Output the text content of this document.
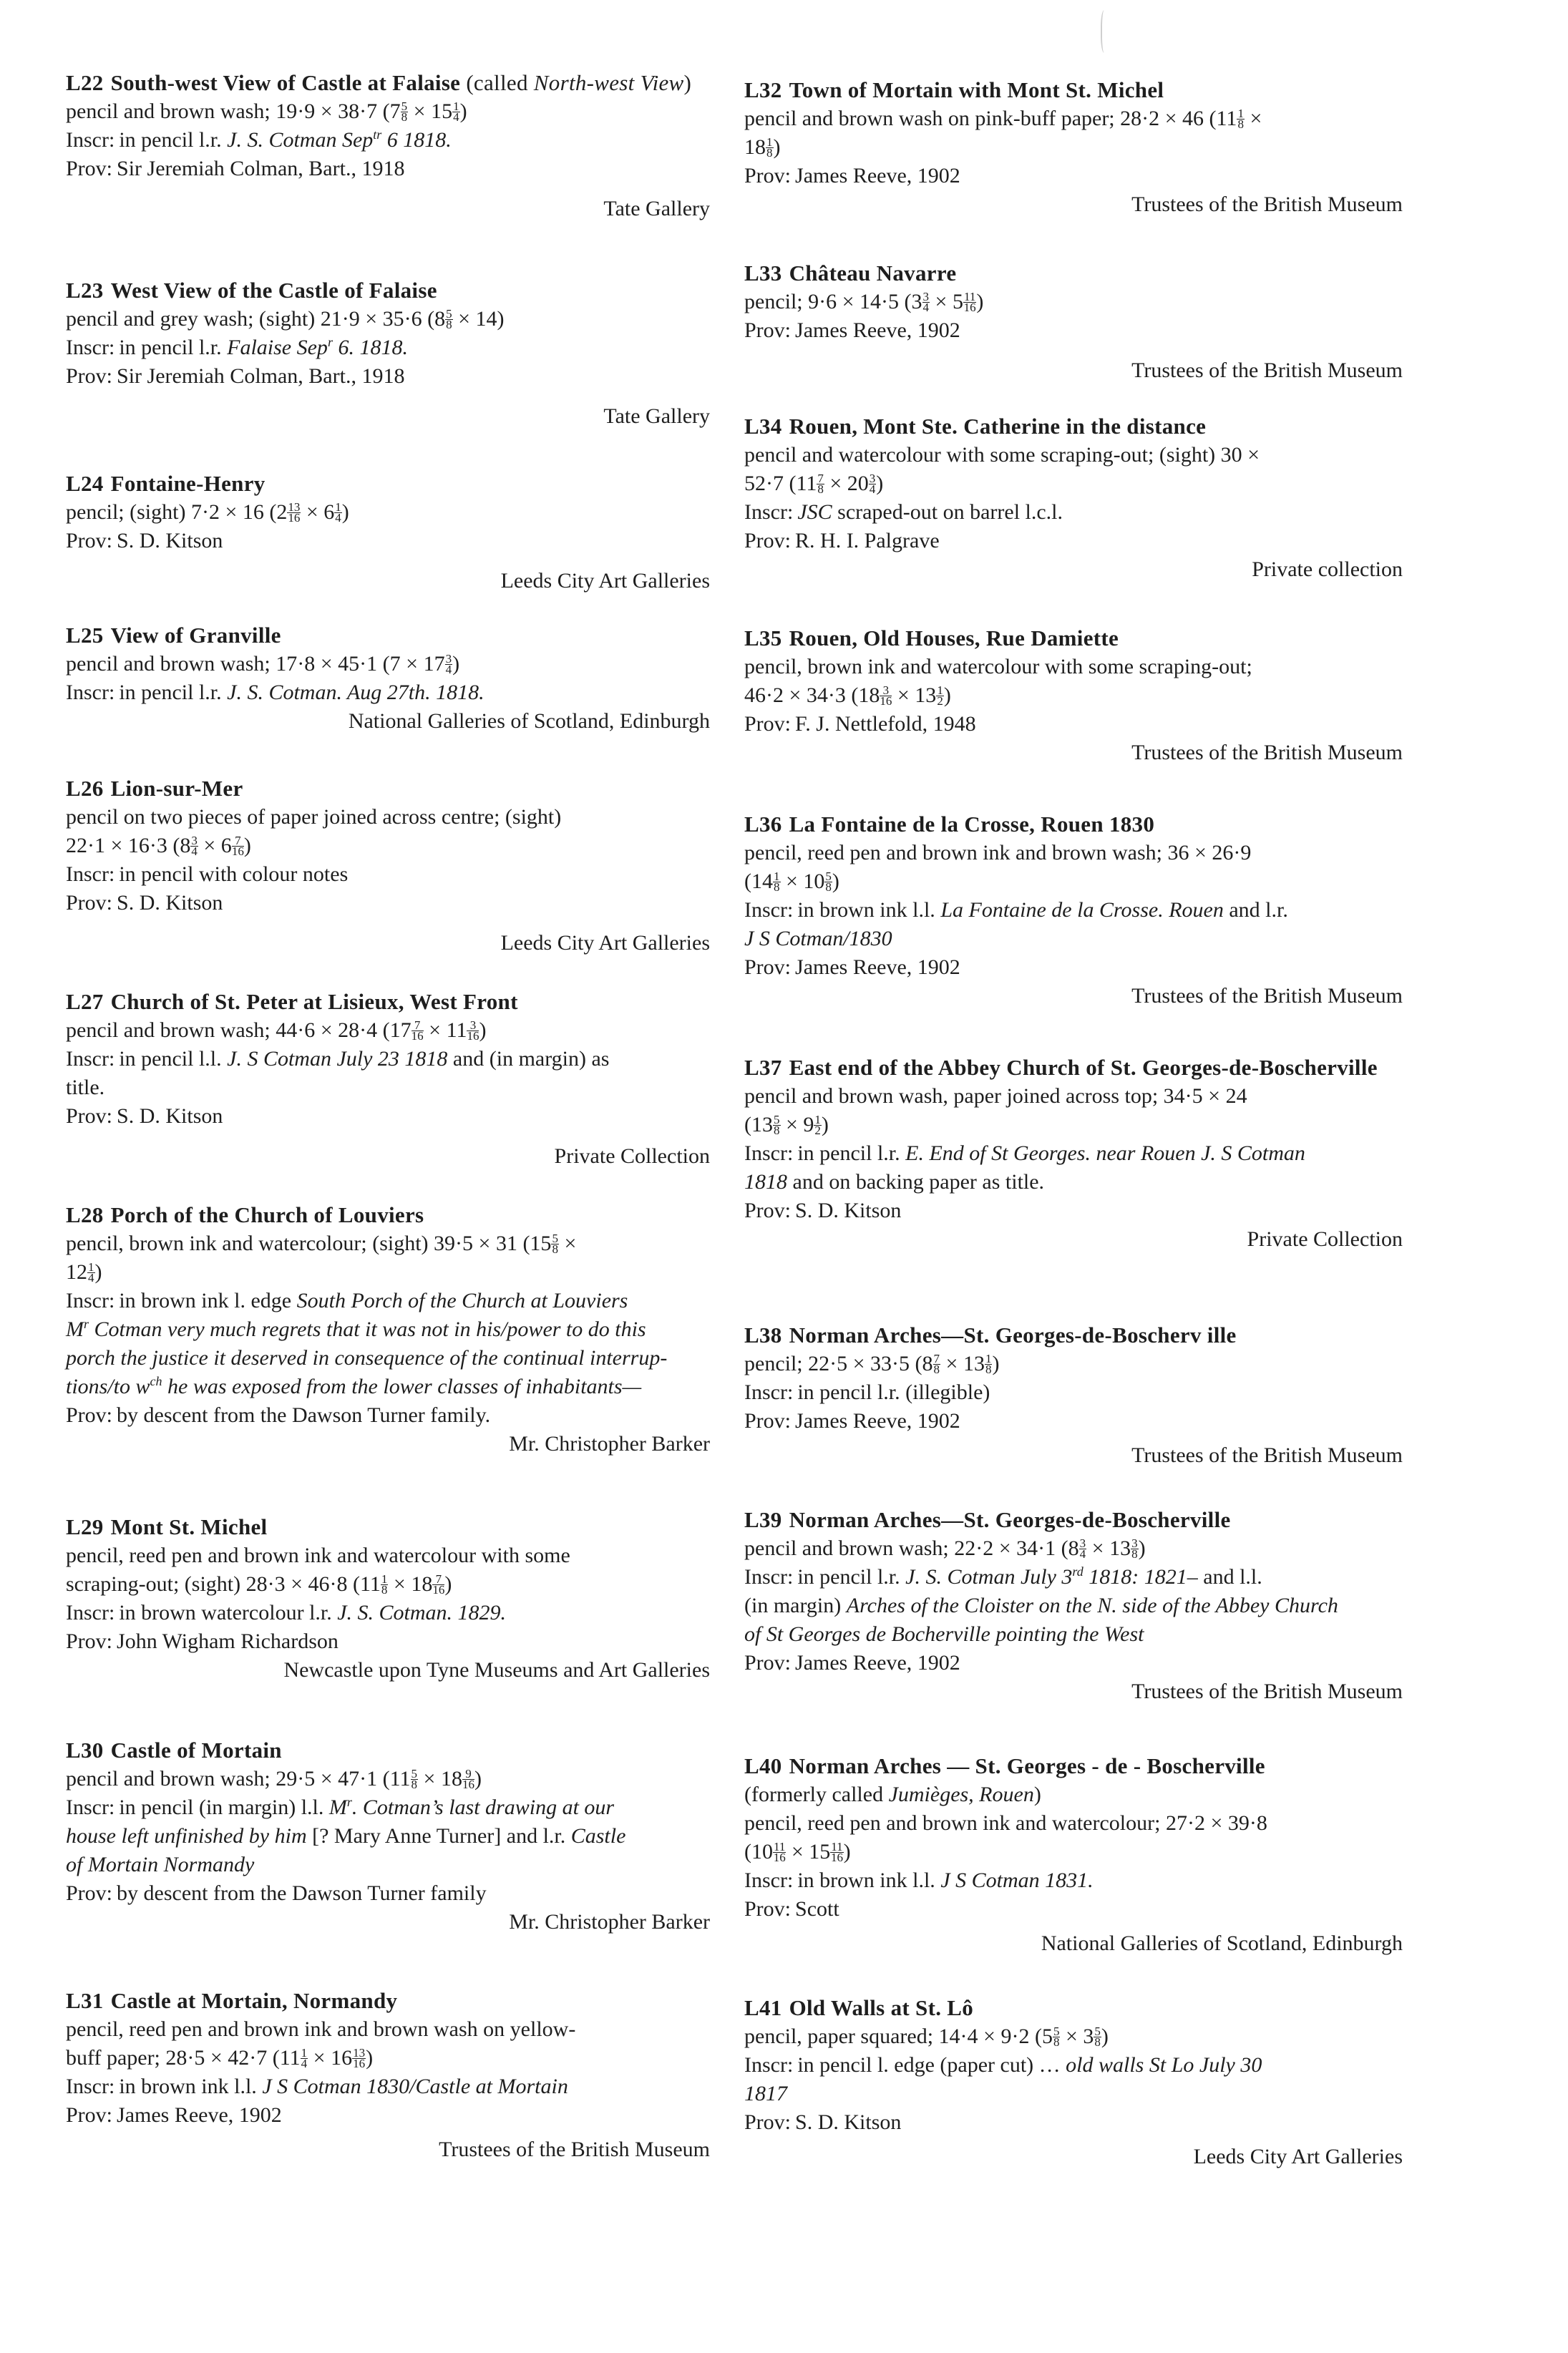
L22 South-west View of Castle at Falaise (called North-west View)
pencil and brown wash; 19·9 × 38·7 ($7 \frac{5}{8} \times 15 \frac{1}{4}$ )
Inscr: in pencil l.r. J. S. Cotman Sep$^{tr}$ 6 1818.
Prov: Sir Jeremiah Colman, Bart., 1918
Tate Gallery
L23 West View of the Castle of Falaise
pencil and grey wash; (sight) 21·9 × 35·6 $(8 \frac{5}{8} \times 14)$
Inscr: in pencil l.r. Falaise Sep$^r$ 6. 1818.
Prov: Sir Jeremiah Colman, Bart., 1918
Tate Gallery
L24 Fontaine-Henry
pencil; (sight) 7·2 × 16 ($2 \frac{13}{16} \times 6 \frac{1}{4}$ )
Prov: S. D. Kitson
Leeds City Art Galleries
L25 View of Granville
pencil and brown wash; 17·8 × 45·1 ($7 \times 17 \frac{3}{4}$ )
Inscr: in pencil l.r. J. S. Cotman. Aug 27th. 1818.
National Galleries of Scotland, Edinburgh
L26 Lion-sur-Mer
pencil on two pieces of paper joined across centre; (sight)
22·1 × 16·3 ($8 \frac{3}{4} \times 6 \frac{7}{16}$ )
Inscr: in pencil with colour notes
Prov: S. D. Kitson
Leeds City Art Galleries
L27 Church of St. Peter at Lisieux, West Front
pencil and brown wash; 44·6 × 28·4 ($17 \frac{7}{16} \times 11 \frac{3}{16}$ )
Inscr: in pencil l.l. J. S Cotman July 23 1818 and (in margin) as
title.
Prov: S. D. Kitson
Private Collection
L28 Porch of the Church of Louviers
pencil, brown ink and watercolour; (sight) 39·5 × 31 ($15 \frac{5}{8}$ ×
$12 \frac{1}{4}$ )
Inscr: in brown ink l. edge South Porch of the Church at Louviers
$M^r$ Cotman very much regrets that it was not in his/power to do this
porch the justice it deserved in consequence of the continual interrup-
tions/to $w^{ch}$ he was exposed from the lower classes of inhabitants—
Prov: by descent from the Dawson Turner family.
Mr. Christopher Barker
L29 Mont St. Michel
pencil, reed pen and brown ink and watercolour with some
scraping-out; (sight) 28·3 × 46·8 ($11 \frac{1}{8} \times 18 \frac{7}{16}$ )
Inscr: in brown watercolour l.r. J. S. Cotman. 1829.
Prov: John Wigham Richardson
Newcastle upon Tyne Museums and Art Galleries
L30 Castle of Mortain
pencil and brown wash; 29·5 × 47·1 ($11 \frac{5}{8} \times 18 \frac{9}{16}$ )
Inscr: in pencil (in margin) l.l. $M^r$. Cotman’s last drawing at our
house left unfinished by him [? Mary Anne Turner] and l.r. Castle
of Mortain Normandy
Prov: by descent from the Dawson Turner family
Mr. Christopher Barker
L31 Castle at Mortain, Normandy
pencil, reed pen and brown ink and brown wash on yellow-
buff paper; 28·5 × 42·7 ($11 \frac{1}{4} \times 16 \frac{13}{16}$ )
Inscr: in brown ink l.l. J S Cotman 1830/Castle at Mortain
Prov: James Reeve, 1902
Trustees of the British Museum
L32 Town of Mortain with Mont St. Michel
pencil and brown wash on pink-buff paper; 28·2 × 46 ($11 \frac{1}{8}$ ×
$18 \frac{1}{8}$ )
Prov: James Reeve, 1902
Trustees of the British Museum
L33 Château Navarre
pencil; 9·6 × 14·5 ($3 \frac{3}{4} \times 5 \frac{11}{16}$ )
Prov: James Reeve, 1902
Trustees of the British Museum
L34 Rouen, Mont Ste. Catherine in the distance
pencil and watercolour with some scraping-out; (sight) 30 ×
52·7 ($11 \frac{7}{8} \times 20 \frac{3}{4}$ )
Inscr: JSC scraped-out on barrel l.c.l.
Prov: R. H. I. Palgrave
Private collection
L35 Rouen, Old Houses, Rue Damiette
pencil, brown ink and watercolour with some scraping-out;
46·2 × 34·3 ($18 \frac{3}{16} \times 13 \frac{1}{2}$ )
Prov: F. J. Nettlefold, 1948
Trustees of the British Museum
L36 La Fontaine de la Crosse, Rouen 1830
pencil, reed pen and brown ink and brown wash; 36 × 26·9
($14 \frac{1}{8} \times 10 \frac{5}{8}$ )
Inscr: in brown ink l.l. La Fontaine de la Crosse. Rouen and l.r.
J S Cotman/1830
Prov: James Reeve, 1902
Trustees of the British Museum
L37 East end of the Abbey Church of St. Georges-de-Boscherville
pencil and brown wash, paper joined across top; 34·5 × 24
($13 \frac{5}{8} \times 9 \frac{1}{2}$ )
Inscr: in pencil l.r. E. End of St Georges. near Rouen J. S Cotman
1818 and on backing paper as title.
Prov: S. D. Kitson
Private Collection
L38 Norman Arches—St. Georges-de-Boscherv ille
pencil; 22·5 × 33·5 ($8 \frac{7}{8} \times 13 \frac{1}{8}$ )
Inscr: in pencil l.r. (illegible)
Prov: James Reeve, 1902
Trustees of the British Museum
L39 Norman Arches—St. Georges-de-Boscherville
pencil and brown wash; 22·2 × 34·1 ($8 \frac{3}{4} \times 13 \frac{3}{8}$ )
Inscr: in pencil l.r. J. S. Cotman July 3rd 1818: 1821– and l.l.
(in margin) Arches of the Cloister on the N. side of the Abbey Church
of St Georges de Bocherville pointing the West
Prov: James Reeve, 1902
Trustees of the British Museum
L40 Norman Arches — St. Georges - de - Boscherville
(formerly called Jumièges, Rouen)
pencil, reed pen and brown ink and watercolour; 27·2 × 39·8
($10 \frac{11}{16} \times 15 \frac{11}{16}$ )
Inscr: in brown ink l.l. J S Cotman 1831.
Prov: Scott
National Galleries of Scotland, Edinburgh
L41 Old Walls at St. Lô
pencil, paper squared; 14·4 × 9·2 ($5 \frac{5}{8} \times 3 \frac{5}{8}$ )
Inscr: in pencil l. edge (paper cut) … old walls St Lo July 30
1817
Prov: S. D. Kitson
Leeds City Art Galleries
